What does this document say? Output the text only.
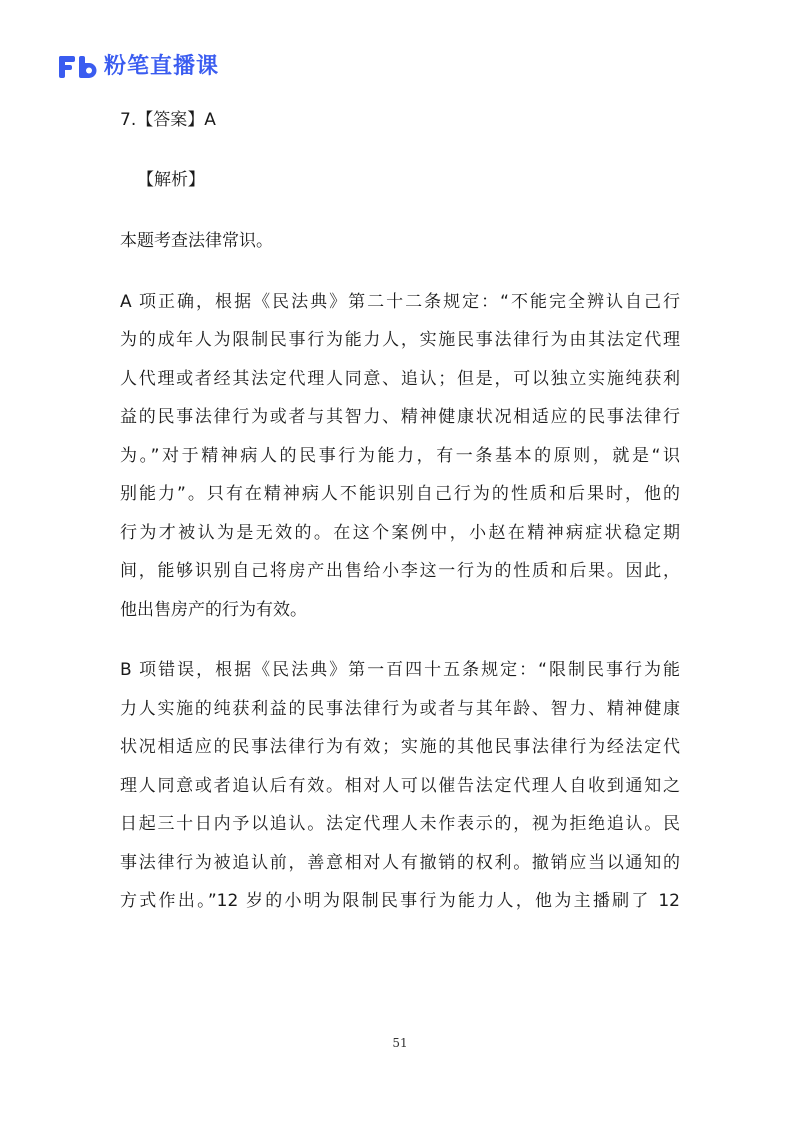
粉笔直播课
7.【答案】A
【解析】
本题考查法律常识。
A 项正确，根据《民法典》第二十二条规定：“不能完全辨认自己行
为的成年人为限制民事行为能力人，实施民事法律行为由其法定代理
人代理或者经其法定代理人同意、追认；但是，可以独立实施纯获利
益的民事法律行为或者与其智力、精神健康状况相适应的民事法律行
为。”对于精神病人的民事行为能力，有一条基本的原则，就是“识
别能力”。只有在精神病人不能识别自己行为的性质和后果时，他的
行为才被认为是无效的。在这个案例中，小赵在精神病症状稳定期
间，能够识别自己将房产出售给小李这一行为的性质和后果。因此，
他出售房产的行为有效。
B 项错误，根据《民法典》第一百四十五条规定：“限制民事行为能
力人实施的纯获利益的民事法律行为或者与其年龄、智力、精神健康
状况相适应的民事法律行为有效；实施的其他民事法律行为经法定代
理人同意或者追认后有效。相对人可以催告法定代理人自收到通知之
日起三十日内予以追认。法定代理人未作表示的，视为拒绝追认。民
事法律行为被追认前，善意相对人有撤销的权利。撤销应当以通知的
方式作出。”12 岁的小明为限制民事行为能力人，他为主播刷了 12
51
